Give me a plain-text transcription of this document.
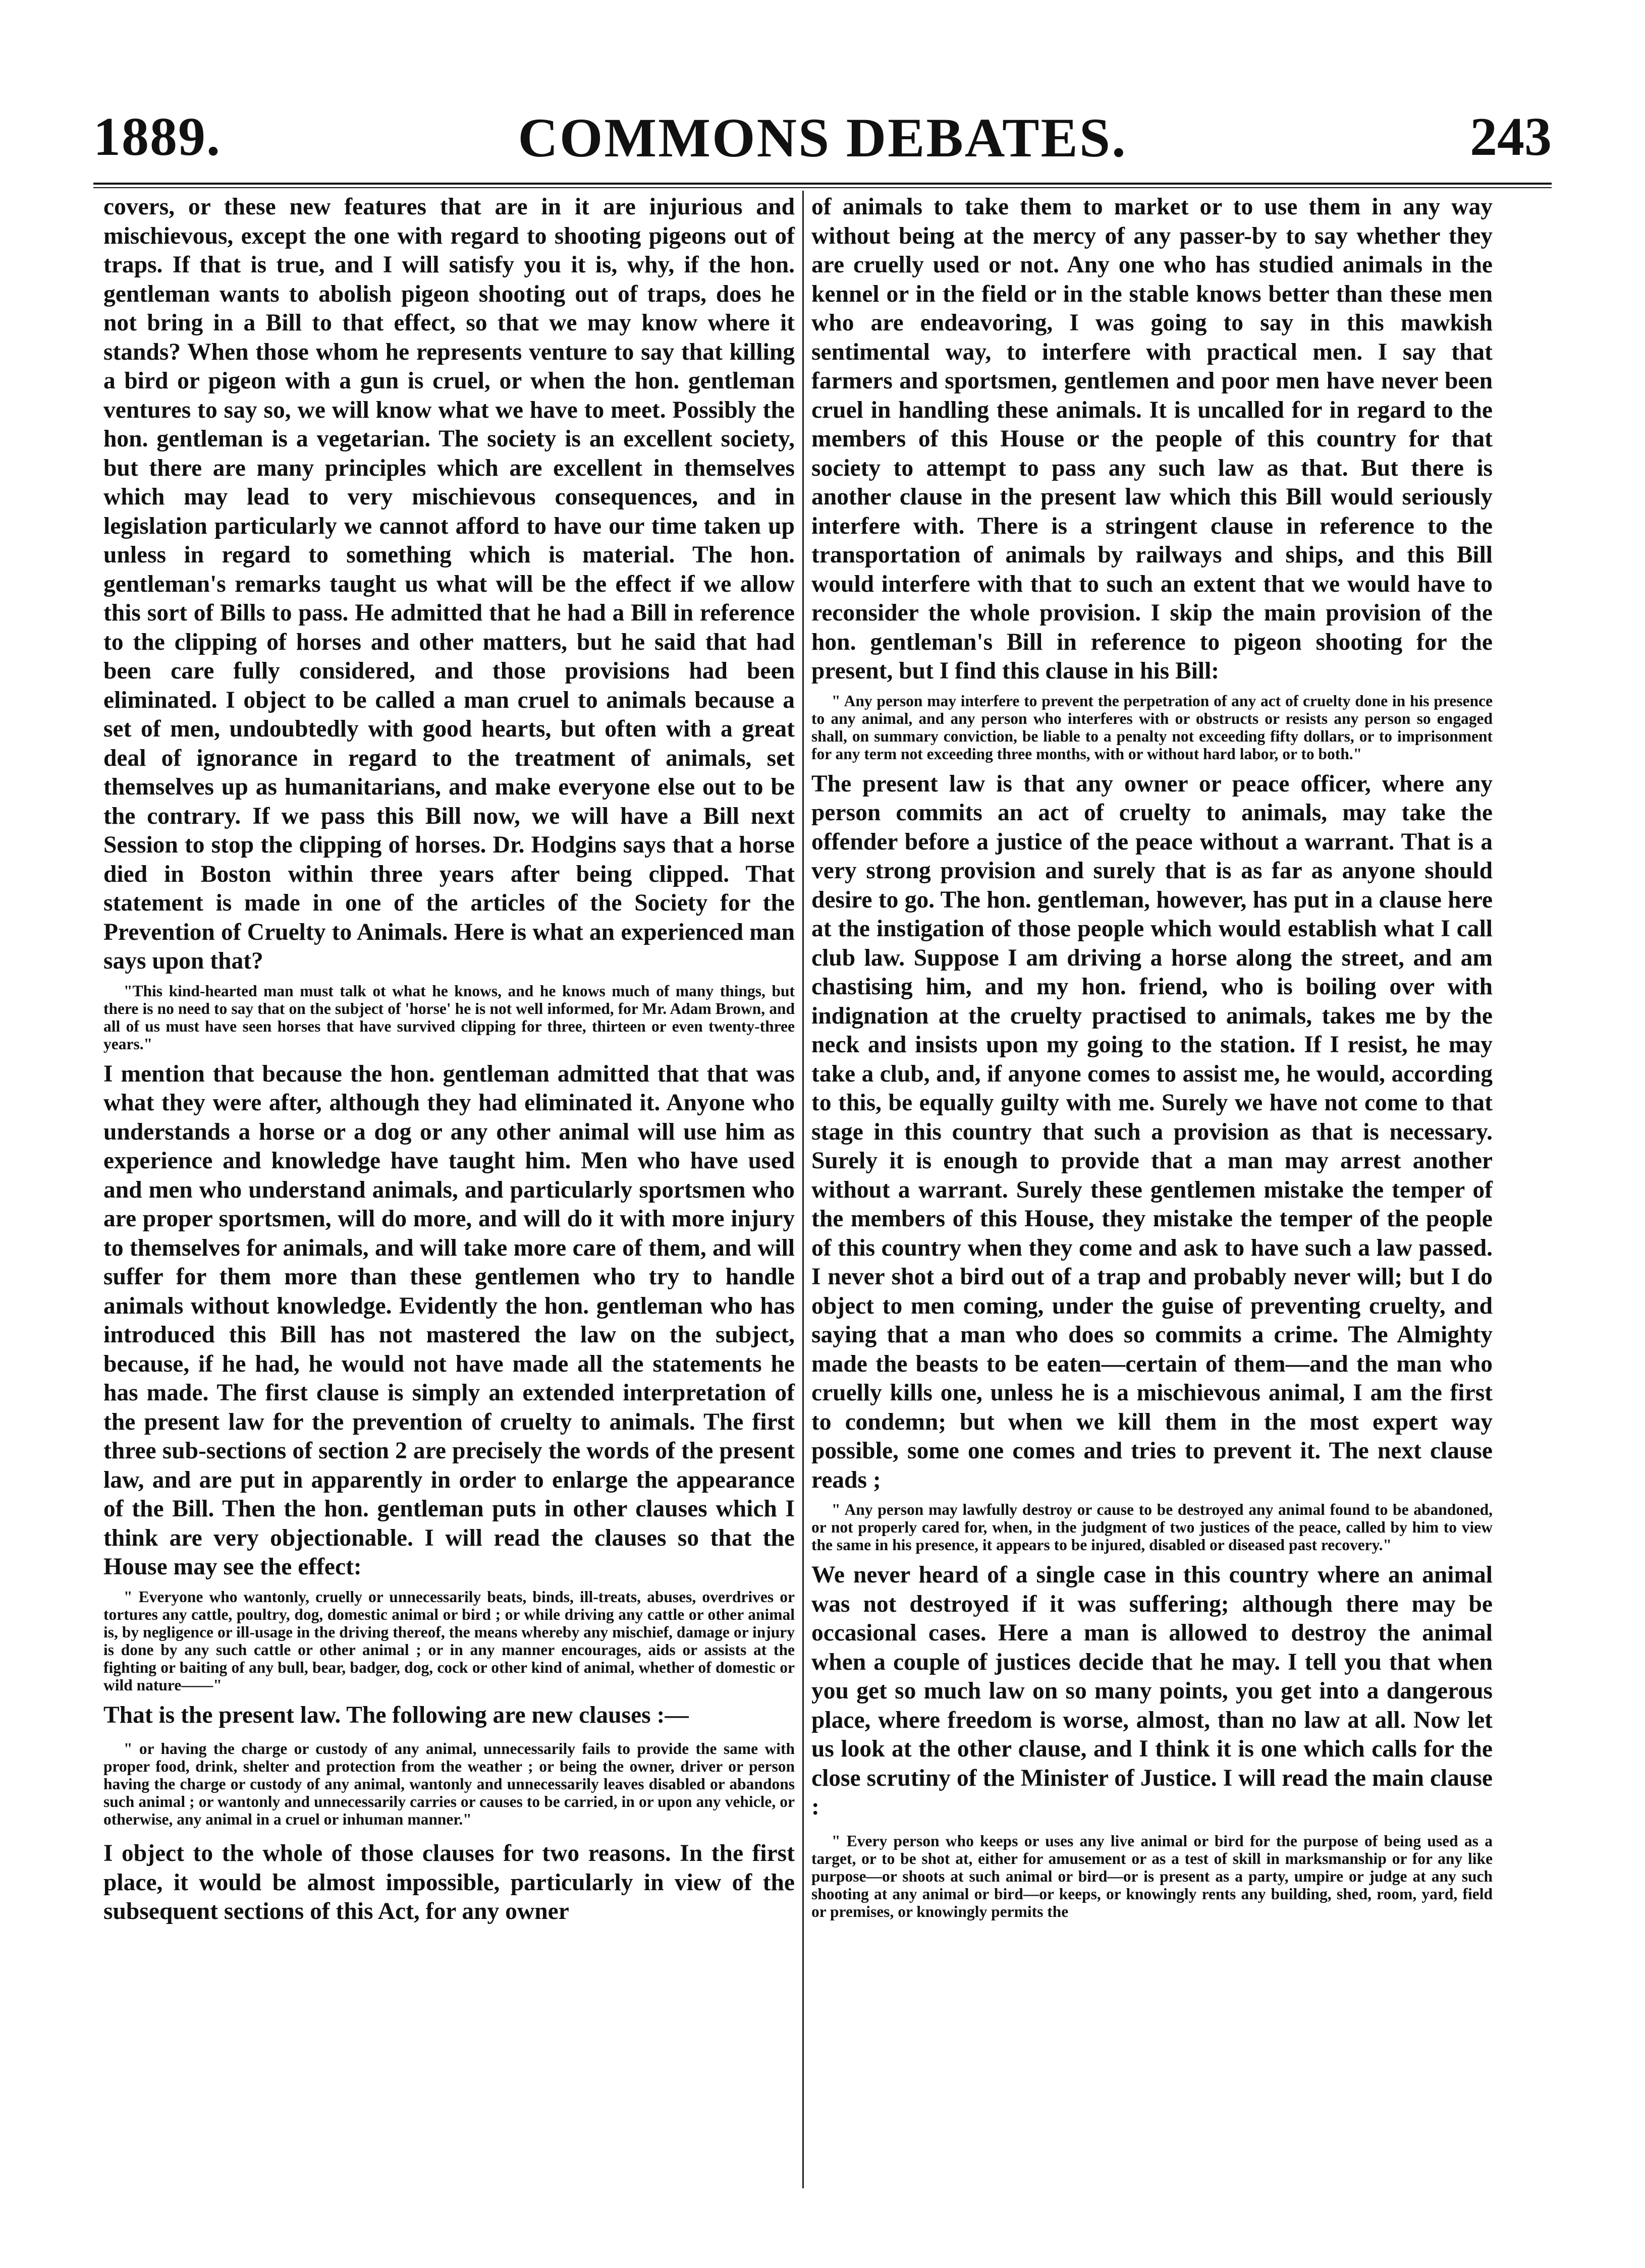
COMMONS DEBATES.
1889.	243

covers, or these new features that are in it are injurious and mischievous, except the one with regard to shooting pigeons out of traps. If that is true, and I will satisfy you it is, why, if the hon. gentleman wants to abolish pigeon shooting out of traps, does he not bring in a Bill to that effect, so that we may know where it stands? When those whom he represents venture to say that killing a bird or pigeon with a gun is cruel, or when the hon. gentleman ventures to say so, we will know what we have to meet. Possibly the hon. gentleman is a vegetarian. The society is an excellent society, but there are many principles which are excellent in themselves which may lead to very mischievous consequences, and in legislation particularly we cannot afford to have our time taken up unless in regard to something which is material. The hon. gentleman's remarks taught us what will be the effect if we allow this sort of Bills to pass. He admitted that he had a Bill in reference to the clipping of horses and other matters, but he said that had been care fully considered, and those provisions had been eliminated. I object to be called a man cruel to animals because a set of men, undoubtedly with good hearts, but often with a great deal of ignorance in regard to the treatment of animals, set themselves up as humanitarians, and make everyone else out to be the contrary. If we pass this Bill now, we will have a Bill next Session to stop the clipping of horses. Dr. Hodgins says that a horse died in Boston within three years after being clipped. That statement is made in one of the articles of the Society for the Prevention of Cruelty to Animals. Here is what an experienced man says upon that?

"This kind-hearted man must talk ot what he knows, and he knows much of many things, but there is no need to say that on the subject of 'horse' he is not well informed, for Mr. Adam Brown, and all of us must have seen horses that have survived clipping for three, thirteen or even twenty-three years."

I mention that because the hon. gentleman admitted that that was what they were after, although they had eliminated it. Anyone who understands a horse or a dog or any other animal will use him as experience and knowledge have taught him. Men who have used and men who understand animals, and particularly sportsmen who are proper sportsmen, will do more, and will do it with more injury to themselves for animals, and will take more care of them, and will suffer for them more than these gentlemen who try to handle animals without knowledge. Evidently the hon. gentleman who has introduced this Bill has not mastered the law on the subject, because, if he had, he would not have made all the statements he has made. The first clause is simply an extended interpretation of the present law for the prevention of cruelty to animals. The first three sub-sections of section 2 are precisely the words of the present law, and are put in apparently in order to enlarge the appearance of the Bill. Then the hon. gentleman puts in other clauses which I think are very objectionable. I will read the clauses so that the House may see the effect:

" Everyone who wantonly, cruelly or unnecessarily beats, binds, ill-treats, abuses, overdrives or tortures any cattle, poultry, dog, domestic animal or bird ; or while driving any cattle or other animal is, by negligence or ill-usage in the driving thereof, the means whereby any mischief, damage or injury is done by any such cattle or other animal ; or in any manner encourages, aids or assists at the fighting or baiting of any bull, bear, badger, dog, cock or other kind of animal, whether of domestic or wild nature——"

That is the present law. The following are new clauses :—

" or having the charge or custody of any animal, unnecessarily fails to provide the same with proper food, drink, shelter and protection from the weather ; or being the owner, driver or person having the charge or custody of any animal, wantonly and unnecessarily leaves disabled or abandons such animal ; or wantonly and unnecessarily carries or causes to be carried, in or upon any vehicle, or otherwise, any animal in a cruel or inhuman manner."

I object to the whole of those clauses for two reasons. In the first place, it would be almost impossible, particularly in view of the subsequent sections of this Act, for any owner

of animals to take them to market or to use them in any way without being at the mercy of any passer-by to say whether they are cruelly used or not. Any one who has studied animals in the kennel or in the field or in the stable knows better than these men who are endeavoring, I was going to say in this mawkish sentimental way, to interfere with practical men. I say that farmers and sportsmen, gentlemen and poor men have never been cruel in handling these animals. It is uncalled for in regard to the members of this House or the people of this country for that society to attempt to pass any such law as that. But there is another clause in the present law which this Bill would seriously interfere with. There is a stringent clause in reference to the transportation of animals by railways and ships, and this Bill would interfere with that to such an extent that we would have to reconsider the whole provision. I skip the main provision of the hon. gentleman's Bill in reference to pigeon shooting for the present, but I find this clause in his Bill:

" Any person may interfere to prevent the perpetration of any act of cruelty done in his presence to any animal, and any person who interferes with or obstructs or resists any person so engaged shall, on summary conviction, be liable to a penalty not exceeding fifty dollars, or to imprisonment for any term not exceeding three months, with or without hard labor, or to both."

The present law is that any owner or peace officer, where any person commits an act of cruelty to animals, may take the offender before a justice of the peace without a warrant. That is a very strong provision and surely that is as far as anyone should desire to go. The hon. gentleman, however, has put in a clause here at the instigation of those people which would establish what I call club law. Suppose I am driving a horse along the street, and am chastising him, and my hon. friend, who is boiling over with indignation at the cruelty practised to animals, takes me by the neck and insists upon my going to the station. If I resist, he may take a club, and, if anyone comes to assist me, he would, according to this, be equally guilty with me. Surely we have not come to that stage in this country that such a provision as that is necessary. Surely it is enough to provide that a man may arrest another without a warrant. Surely these gentlemen mistake the temper of the members of this House, they mistake the temper of the people of this country when they come and ask to have such a law passed. I never shot a bird out of a trap and probably never will; but I do object to men coming, under the guise of preventing cruelty, and saying that a man who does so commits a crime. The Almighty made the beasts to be eaten—certain of them—and the man who cruelly kills one, unless he is a mischievous animal, I am the first to condemn; but when we kill them in the most expert way possible, some one comes and tries to prevent it. The next clause reads ;

" Any person may lawfully destroy or cause to be destroyed any animal found to be abandoned, or not properly cared for, when, in the judgment of two justices of the peace, called by him to view the same in his presence, it appears to be injured, disabled or diseased past recovery."

We never heard of a single case in this country where an animal was not destroyed if it was suffering; although there may be occasional cases. Here a man is allowed to destroy the animal when a couple of justices decide that he may. I tell you that when you get so much law on so many points, you get into a dangerous place, where freedom is worse, almost, than no law at all. Now let us look at the other clause, and I think it is one which calls for the close scrutiny of the Minister of Justice. I will read the main clause :

" Every person who keeps or uses any live animal or bird for the purpose of being used as a target, or to be shot at, either for amusement or as a test of skill in marksmanship or for any like purpose—or shoots at such animal or bird—or is present as a party, umpire or judge at any such shooting at any animal or bird—or keeps, or knowingly rents any building, shed, room, yard, field or premises, or knowingly permits the
